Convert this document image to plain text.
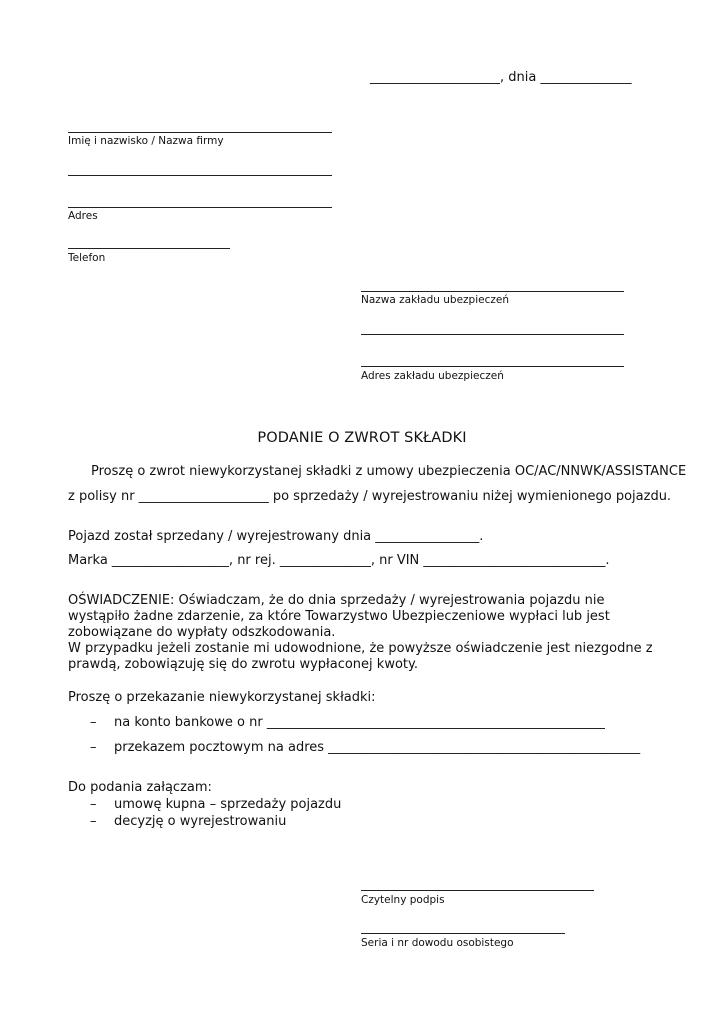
____________________, dnia ______________
Imię i nazwisko / Nazwa firmy
Adres
Telefon
Nazwa zakładu ubezpieczeń
Adres zakładu ubezpieczeń
PODANIE O ZWROT SKŁADKI
Proszę o zwrot niewykorzystanej składki z umowy ubezpieczenia OC/AC/NNWK/ASSISTANCE
z polisy nr ____________________ po sprzedaży / wyrejestrowaniu niżej wymienionego pojazdu.
Pojazd został sprzedany / wyrejestrowany dnia ________________.
Marka __________________, nr rej. ______________, nr VIN ____________________________.
OŚWIADCZENIE: Oświadczam, że do dnia sprzedaży / wyrejestrowania pojazdu nie wystąpiło żadne zdarzenie, za które Towarzystwo Ubezpieczeniowe wypłaci lub jest zobowiązane do wypłaty odszkodowania.
W przypadku jeżeli zostanie mi udowodnione, że powyższe oświadczenie jest niezgodne z prawdą, zobowiązuję się do zwrotu wypłaconej kwoty.
Proszę o przekazanie niewykorzystanej składki:
– na konto bankowe o nr ____________________________________________________
– przekazem pocztowym na adres ________________________________________________
Do podania załączam:
– umowę kupna – sprzedaży pojazdu
– decyzję o wyrejestrowaniu
Czytelny podpis
Seria i nr dowodu osobistego
